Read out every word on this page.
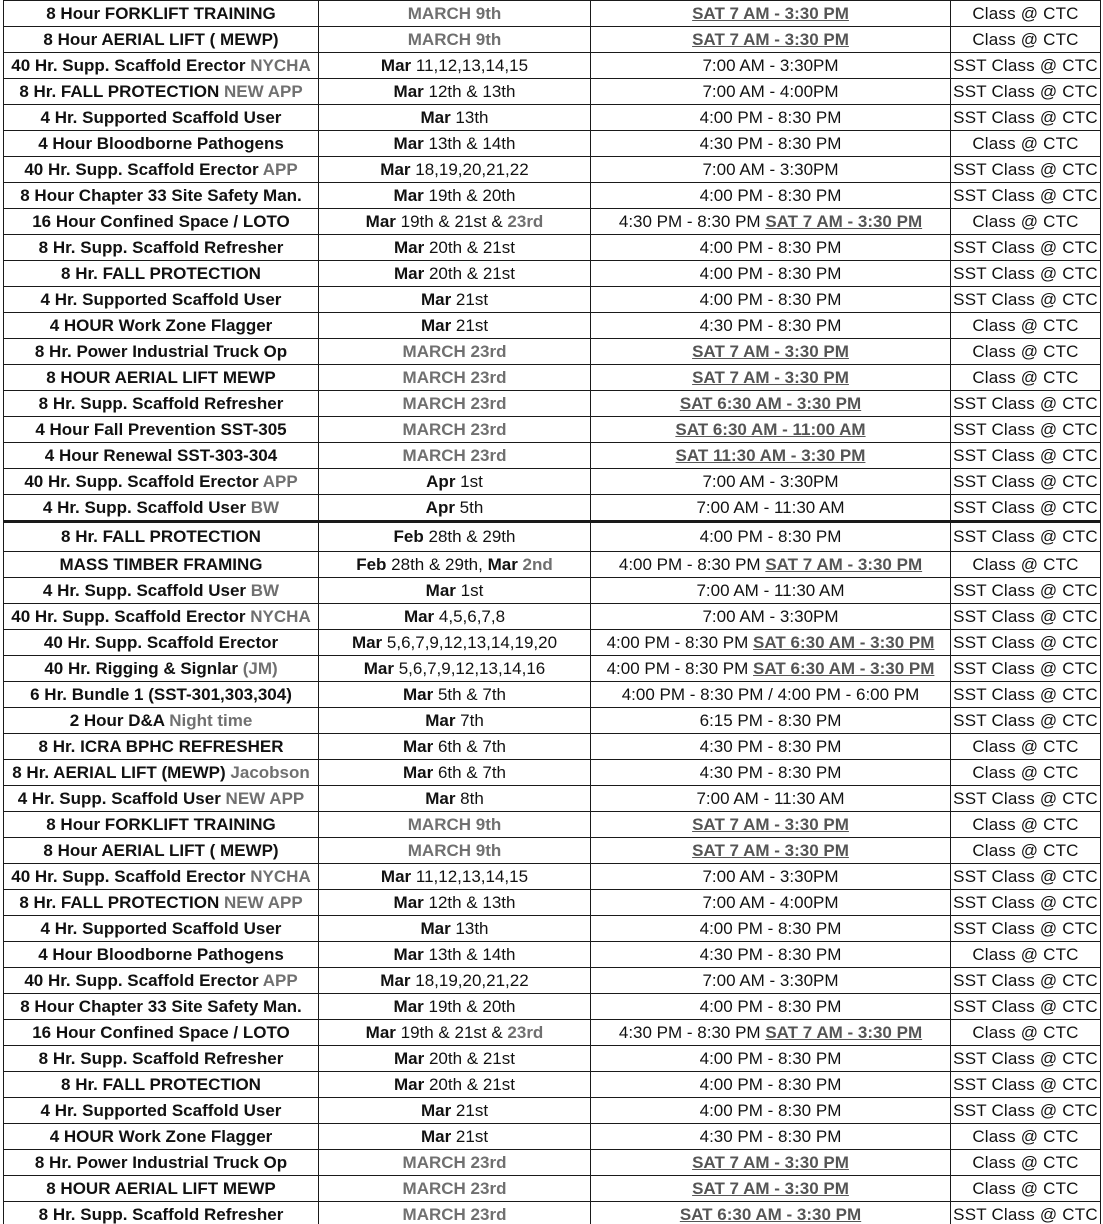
8 Hour FORKLIFT TRAINING	MARCH 9th	SAT 7 AM - 3:30 PM	Class @ CTC
8 Hour AERIAL LIFT ( MEWP)	MARCH 9th	SAT 7 AM - 3:30 PM	Class @ CTC
40 Hr. Supp. Scaffold Erector NYCHA	Mar 11,12,13,14,15	7:00 AM - 3:30PM	SST Class @ CTC
8 Hr. FALL PROTECTION NEW APP	Mar 12th & 13th	7:00 AM - 4:00PM	SST Class @ CTC
4 Hr. Supported Scaffold User	Mar 13th	4:00 PM - 8:30 PM	SST Class @ CTC
4 Hour Bloodborne Pathogens	Mar 13th & 14th	4:30 PM - 8:30 PM	Class @ CTC
40 Hr. Supp. Scaffold Erector APP	Mar 18,19,20,21,22	7:00 AM - 3:30PM	SST Class @ CTC
8 Hour Chapter 33 Site Safety Man.	Mar 19th & 20th	4:00 PM - 8:30 PM	SST Class @ CTC
16 Hour Confined Space / LOTO	Mar 19th & 21st & 23rd	4:30 PM - 8:30 PM SAT 7 AM - 3:30 PM	Class @ CTC
8 Hr. Supp. Scaffold Refresher	Mar 20th & 21st	4:00 PM - 8:30 PM	SST Class @ CTC
8 Hr. FALL PROTECTION	Mar 20th & 21st	4:00 PM - 8:30 PM	SST Class @ CTC
4 Hr. Supported Scaffold User	Mar 21st	4:00 PM - 8:30 PM	SST Class @ CTC
4 HOUR Work Zone Flagger	Mar 21st	4:30 PM - 8:30 PM	Class @ CTC
8 Hr. Power Industrial Truck Op	MARCH 23rd	SAT 7 AM - 3:30 PM	Class @ CTC
8 HOUR AERIAL LIFT MEWP	MARCH 23rd	SAT 7 AM - 3:30 PM	Class @ CTC
8 Hr. Supp. Scaffold Refresher	MARCH 23rd	SAT 6:30 AM - 3:30 PM	SST Class @ CTC
4 Hour Fall Prevention SST-305	MARCH 23rd	SAT 6:30 AM - 11:00 AM	SST Class @ CTC
4 Hour Renewal SST-303-304	MARCH 23rd	SAT 11:30 AM - 3:30 PM	SST Class @ CTC
40 Hr. Supp. Scaffold Erector APP	Apr 1st	7:00 AM - 3:30PM	SST Class @ CTC
4 Hr. Supp. Scaffold User BW	Apr 5th	7:00 AM - 11:30 AM	SST Class @ CTC
8 Hr. FALL PROTECTION	Feb 28th & 29th	4:00 PM - 8:30 PM	SST Class @ CTC
MASS TIMBER FRAMING	Feb 28th & 29th, Mar 2nd	4:00 PM - 8:30 PM SAT 7 AM - 3:30 PM	Class @ CTC
4 Hr. Supp. Scaffold User BW	Mar 1st	7:00 AM - 11:30 AM	SST Class @ CTC
40 Hr. Supp. Scaffold Erector NYCHA	Mar 4,5,6,7,8	7:00 AM - 3:30PM	SST Class @ CTC
40 Hr. Supp. Scaffold Erector	Mar 5,6,7,9,12,13,14,19,20	4:00 PM - 8:30 PM SAT 6:30 AM - 3:30 PM	SST Class @ CTC
40 Hr. Rigging & Signlar (JM)	Mar 5,6,7,9,12,13,14,16	4:00 PM - 8:30 PM SAT 6:30 AM - 3:30 PM	SST Class @ CTC
6 Hr. Bundle 1 (SST-301,303,304)	Mar 5th & 7th	4:00 PM - 8:30 PM / 4:00 PM - 6:00 PM	SST Class @ CTC
2 Hour D&A Night time	Mar 7th	6:15 PM - 8:30 PM	SST Class @ CTC
8 Hr. ICRA BPHC REFRESHER	Mar 6th & 7th	4:30 PM - 8:30 PM	Class @ CTC
8 Hr. AERIAL LIFT (MEWP) Jacobson	Mar 6th & 7th	4:30 PM - 8:30 PM	Class @ CTC
4 Hr. Supp. Scaffold User NEW APP	Mar 8th	7:00 AM - 11:30 AM	SST Class @ CTC
8 Hour FORKLIFT TRAINING	MARCH 9th	SAT 7 AM - 3:30 PM	Class @ CTC
8 Hour AERIAL LIFT ( MEWP)	MARCH 9th	SAT 7 AM - 3:30 PM	Class @ CTC
40 Hr. Supp. Scaffold Erector NYCHA	Mar 11,12,13,14,15	7:00 AM - 3:30PM	SST Class @ CTC
8 Hr. FALL PROTECTION NEW APP	Mar 12th & 13th	7:00 AM - 4:00PM	SST Class @ CTC
4 Hr. Supported Scaffold User	Mar 13th	4:00 PM - 8:30 PM	SST Class @ CTC
4 Hour Bloodborne Pathogens	Mar 13th & 14th	4:30 PM - 8:30 PM	Class @ CTC
40 Hr. Supp. Scaffold Erector APP	Mar 18,19,20,21,22	7:00 AM - 3:30PM	SST Class @ CTC
8 Hour Chapter 33 Site Safety Man.	Mar 19th & 20th	4:00 PM - 8:30 PM	SST Class @ CTC
16 Hour Confined Space / LOTO	Mar 19th & 21st & 23rd	4:30 PM - 8:30 PM SAT 7 AM - 3:30 PM	Class @ CTC
8 Hr. Supp. Scaffold Refresher	Mar 20th & 21st	4:00 PM - 8:30 PM	SST Class @ CTC
8 Hr. FALL PROTECTION	Mar 20th & 21st	4:00 PM - 8:30 PM	SST Class @ CTC
4 Hr. Supported Scaffold User	Mar 21st	4:00 PM - 8:30 PM	SST Class @ CTC
4 HOUR Work Zone Flagger	Mar 21st	4:30 PM - 8:30 PM	Class @ CTC
8 Hr. Power Industrial Truck Op	MARCH 23rd	SAT 7 AM - 3:30 PM	Class @ CTC
8 HOUR AERIAL LIFT MEWP	MARCH 23rd	SAT 7 AM - 3:30 PM	Class @ CTC
8 Hr. Supp. Scaffold Refresher	MARCH 23rd	SAT 6:30 AM - 3:30 PM	SST Class @ CTC
